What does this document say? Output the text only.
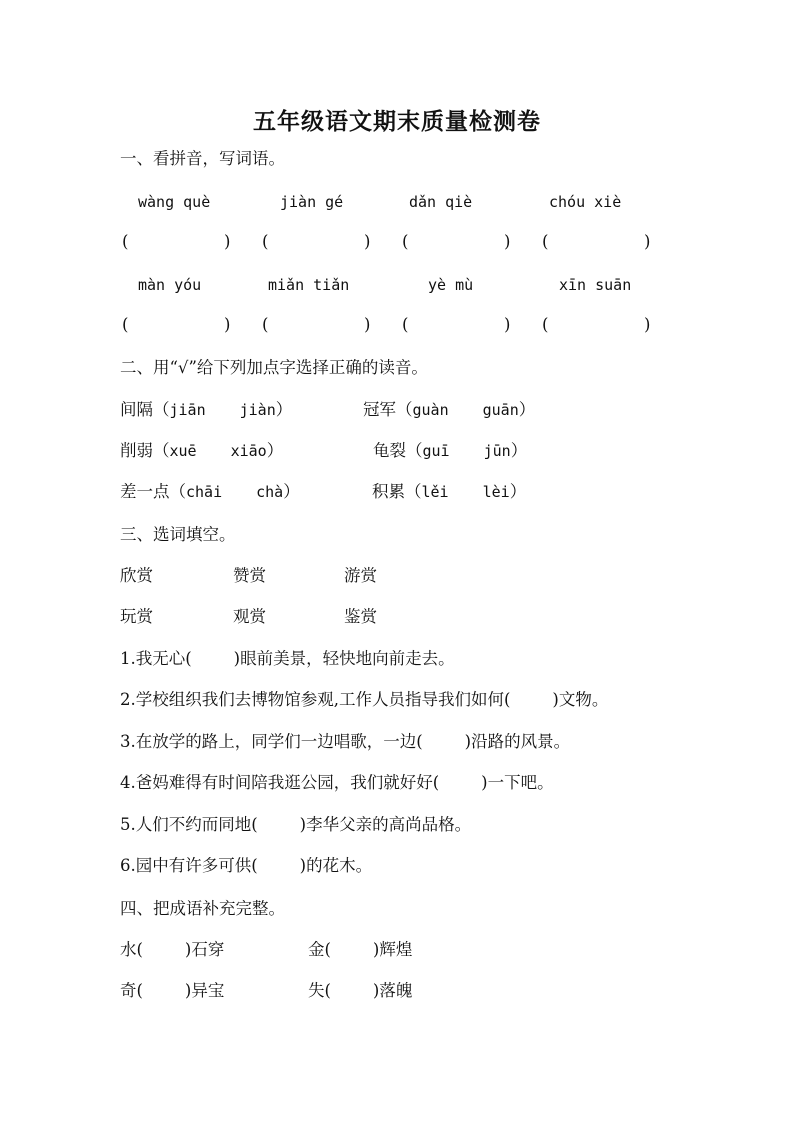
五年级语文期末质量检测卷
一、看拼音，写词语。
wàng què	jiàn gé	dǎn qiè	chóu xiè
(	) (	) (	) (	)
màn yóu	miǎn tiǎn	yè mù	xīn suān
(	) (	) (	) (	)
二、用“√”给下列加点字选择正确的读音。
间隔（jiān jiàn）	冠军（guàn guān）
削弱（xuē xiāo）	龟裂（guī jūn）
差一点（chāi chà）	积累（lěi lèi）
三、选词填空。
欣赏	赞赏	游赏
玩赏	观赏	鉴赏
1.我无心(        )眼前美景，轻快地向前走去。
2.学校组织我们去博物馆参观,工作人员指导我们如何(        )文物。
3.在放学的路上，同学们一边唱歌，一边(        )沿路的风景。
4.爸妈难得有时间陪我逛公园，我们就好好(        )一下吧。
5.人们不约而同地(        )李华父亲的高尚品格。
6.园中有许多可供(        )的花木。
四、把成语补充完整。
水(        )石穿	金(        )辉煌
奇(        )异宝	失(        )落魄
